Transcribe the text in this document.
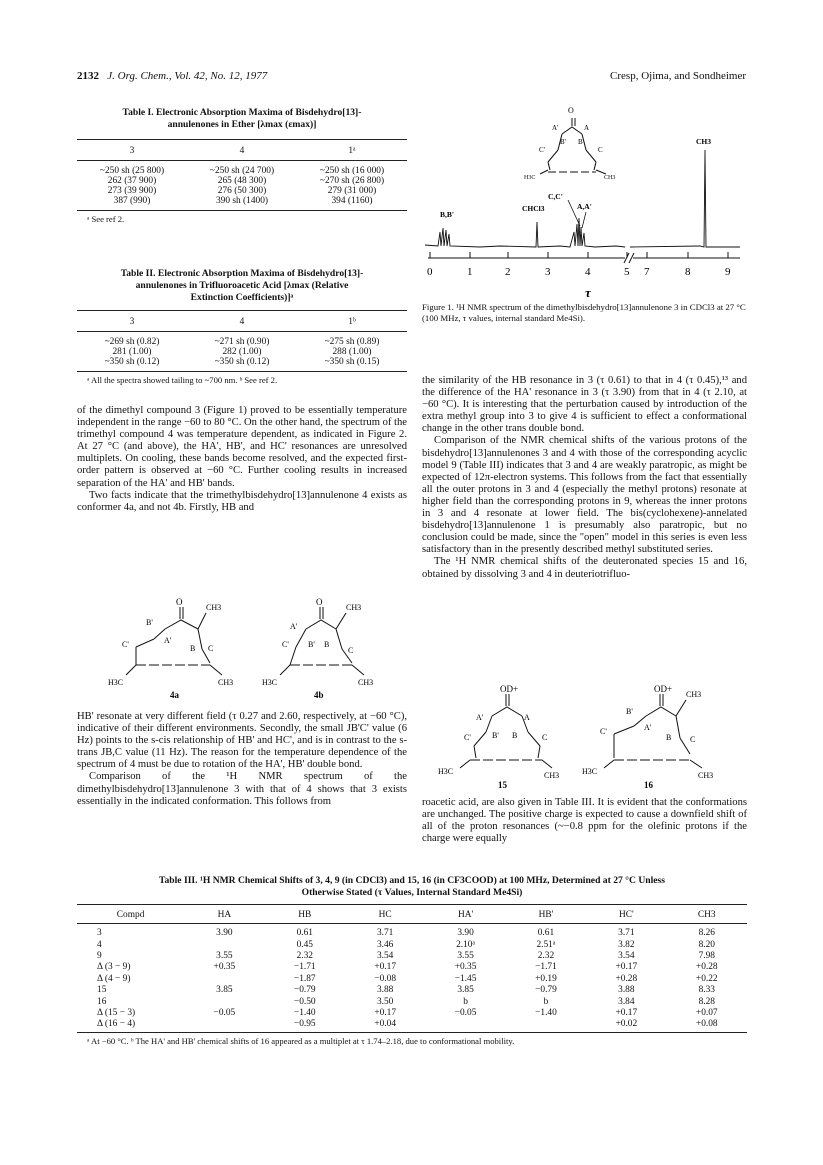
2132 J. Org. Chem., Vol. 42, No. 12, 1977	Cresp, Ojima, and Sondheimer
Table I. Electronic Absorption Maxima of Bisdehydro[13]-
annulenones in Ether [λmax (εmax)]
3	4	1ᵃ

~250 sh (25 800)	~250 sh (24 700)	~250 sh (16 000)
262 (37 900)	265 (48 300)	~270 sh (26 800)
273 (39 900)	276 (50 300)	279 (31 000)
387 (990)	390 sh (1400)	394 (1160)
ᵃ See ref 2.
Table II. Electronic Absorption Maxima of Bisdehydro[13]-
annulenones in Trifluoroacetic Acid [λmax (Relative
Extinction Coefficients)]ᵃ
3	4	1ᵇ

~269 sh (0.82)	~271 sh (0.90)	~275 sh (0.89)
281 (1.00)	282 (1.00)	288 (1.00)
~350 sh (0.12)	~350 sh (0.12)	~350 sh (0.15)
ᵃ All the spectra showed tailing to ~700 nm. ᵇ See ref 2.
O
A'	A
B' B
C'	C
H3C	CH3
B,B'
CHCl3
C,C'
A,A'
CH3
0	1	2	3	4	5 7	8	9
τ
Figure 1. ¹H NMR spectrum of the dimethylbisdehydro[13]annulenone 3 in CDCl3 at 27 °C (100 MHz, τ values, internal standard Me4Si).

of the dimethyl compound 3 (Figure 1) proved to be essentially temperature independent in the range −60 to 80 °C. On the other hand, the spectrum of the trimethyl compound 4 was temperature dependent, as indicated in Figure 2. At 27 °C (and above), the HA', HB', and HC' resonances are unresolved multiplets. On cooling, these bands become resolved, and the expected first-order pattern is observed at −60 °C. Further cooling results in increased separation of the HA' and HB' bands.

Two facts indicate that the trimethylbisdehydro[13]annulenone 4 exists as conformer 4a, and not 4b. Firstly, HB and

O
CH3
B'
A'
C'	B C
H3C	CH3
4a
O
CH3
A'
C' B' B
C
H3C	CH3
4b

HB' resonate at very different field (τ 0.27 and 2.60, respectively, at −60 °C), indicative of their different environments. Secondly, the small JB'C' value (6 Hz) points to the s-cis relationship of HB' and HC', and is in contrast to the s-trans JB,C value (11 Hz). The reason for the temperature dependence of the spectrum of 4 must be due to rotation of the HA', HB' double bond.

Comparison of the ¹H NMR spectrum of the dimethylbisdehydro[13]annulenone 3 with that of 4 shows that 3 exists essentially in the indicated conformation. This follows from

the similarity of the HB resonance in 3 (τ 0.61) to that in 4 (τ 0.45),¹³ and the difference of the HA' resonance in 3 (τ 3.90) from that in 4 (τ 2.10, at −60 °C). It is interesting that the perturbation caused by introduction of the extra methyl group into 3 to give 4 is sufficient to effect a conformational change in the other trans double bond.

Comparison of the NMR chemical shifts of the various protons of the bisdehydro[13]annulenones 3 and 4 with those of the corresponding acyclic model 9 (Table III) indicates that 3 and 4 are weakly paratropic, as might be expected of 12π-electron systems. This follows from the fact that essentially all the outer protons in 3 and 4 (especially the methyl protons) resonate at higher field than the corresponding protons in 9, whereas the inner protons in 3 and 4 resonate at lower field. The bis(cyclohexene)-annelated bisdehydro[13]annulenone 1 is presumably also paratropic, but no conclusion could be made, since the "open" model in this series is even less satisfactory than in the presently described methyl substituted series.

The ¹H NMR chemical shifts of the deuteronated species 15 and 16, obtained by dissolving 3 and 4 in deuteriotrifluo-

OD+
A'	A
C'	B' B	C
H3C	CH3
15
OD+
CH3
B'
A'
C'
B C
H3C	CH3
16

roacetic acid, are also given in Table III. It is evident that the conformations are unchanged. The positive charge is expected to cause a downfield shift of all of the proton resonances (~−0.8 ppm for the olefinic protons if the charge were equally

Table III. ¹H NMR Chemical Shifts of 3, 4, 9 (in CDCl3) and 15, 16 (in CF3COOD) at 100 MHz, Determined at 27 °C Unless
Otherwise Stated (τ Values, Internal Standard Me4Si)
Compd	HA	HB	HC	HA'	HB'	HC'	CH3

3	3.90	0.61	3.71	3.90	0.61	3.71	8.26
4		0.45	3.46	2.10ᵃ	2.51ᵃ	3.82	8.20
9	3.55	2.32	3.54	3.55	2.32	3.54	7.98
Δ (3 − 9)	+0.35	−1.71	+0.17	+0.35	−1.71	+0.17	+0.28
Δ (4 − 9)		−1.87	−0.08	−1.45	+0.19	+0.28	+0.22
15	3.85	−0.79	3.88	3.85	−0.79	3.88	8.33
16		−0.50	3.50	b	b	3.84	8.28
Δ (15 − 3)	−0.05	−1.40	+0.17	−0.05	−1.40	+0.17	+0.07
Δ (16 − 4)		−0.95	+0.04			+0.02	+0.08
ᵃ At −60 °C. ᵇ The HA' and HB' chemical shifts of 16 appeared as a multiplet at τ 1.74–2.18, due to conformational mobility.
